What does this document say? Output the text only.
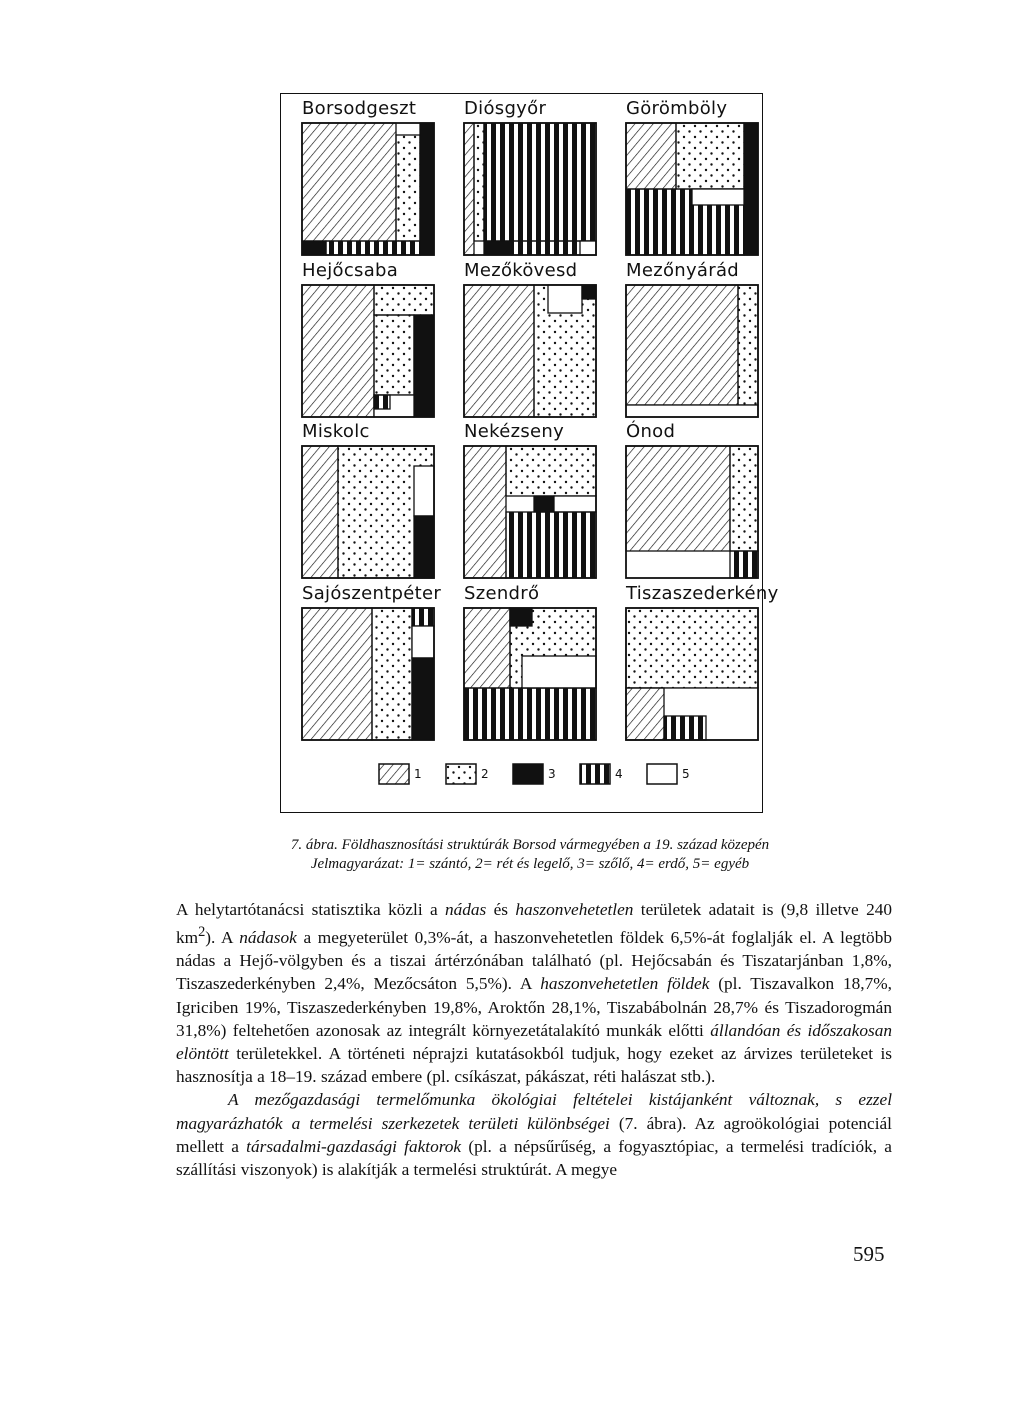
Borsodgeszt	Diósgyőr	Görömböly
Hejőcsaba	Mezőkövesd	Mezőnyárád
Miskolc	Nekézseny	Ónod
Sajószentpéter Szendrő	Tiszaszederkény
1	2	3	4	5
7. ábra. Földhasznosítási struktúrák Borsod vármegyében a 19. század közepén
Jelmagyarázat: 1= szántó, 2= rét és legelő, 3= szőlő, 4= erdő, 5= egyéb

A helytartótanácsi statisztika közli a nádas és haszonvehetetlen területek adatait is (9,8 illetve 240 $km^2$). A nádasok a megyeterület 0,3%-át, a haszonvehetetlen földek 6,5%-át foglalják el. A legtöbb nádas a Hejő-völgyben és a tiszai ártérzónában található (pl. Hejőcsabán és Tiszatarjánban 1,8%, Tiszaszederkényben 2,4%, Mezőcsáton 5,5%). A haszonvehetetlen földek (pl. Tiszavalkon 18,7%, Igriciben 19%, Tiszaszederkényben 19,8%, Aroktőn 28,1%, Tiszabábolnán 28,7% és Tiszadorogmán 31,8%) feltehetően azonosak az integrált környezetátalakító munkák előtti állandóan és időszakosan elöntött területekkel. A történeti néprajzi kutatásokból tudjuk, hogy ezeket az árvizes területeket is hasznosítja a 18–19. század embere (pl. csíkászat, pákászat, réti halászat stb.).

A mezőgazdasági termelőmunka ökológiai feltételei kistájanként változnak, s ezzel magyarázhatók a termelési szerkezetek területi különbségei (7. ábra). Az agroökológiai potenciál mellett a társadalmi-gazdasági faktorok (pl. a népsűrűség, a fogyasztópiac, a termelési tradíciók, a szállítási viszonyok) is alakítják a termelési struktúrát. A megye

595
